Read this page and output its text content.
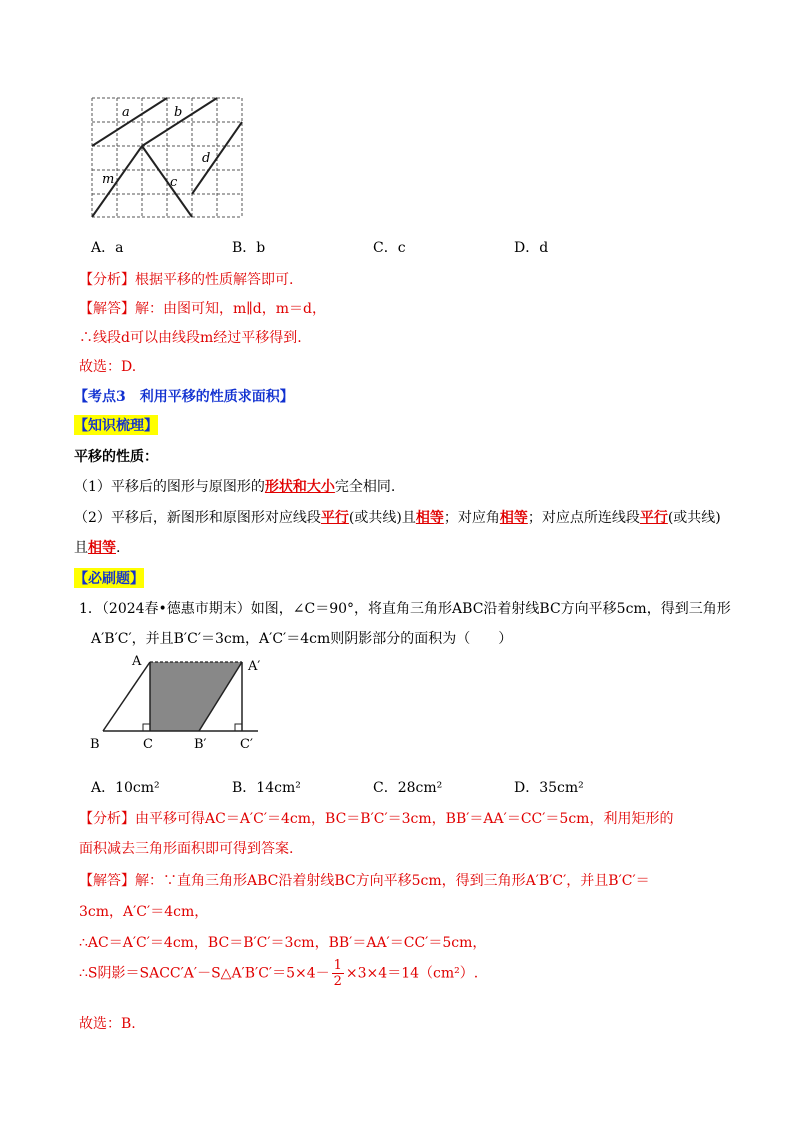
a	b
d
m	c
A．a	B．b	C．c	D．d
【分析】根据平移的性质解答即可.
【解答】解：由图可知，m∥d，m＝d，
∴线段d可以由线段m经过平移得到.
故选：D.
【考点3　利用平移的性质求面积】
【知识梳理】
平移的性质：
（1）平移后的图形与原图形的形状和大小完全相同.
（2）平移后，新图形和原图形对应线段平行(或共线)且相等；对应角相等；对应点所连线段平行(或共线)
且相等.
【必刷题】
1．（2024春•德惠市期末）如图，∠C＝90°，将直角三角形ABC沿着射线BC方向平移5cm，得到三角形
A′B′C′，并且B′C′＝3cm，A′C′＝4cm则阴影部分的面积为（　　）
A	A′
B	C	B′	C′
A．10cm²	B．14cm²	C．28cm²	D．35cm²
【分析】由平移可得AC＝A′C′＝4cm，BC＝B′C′＝3cm，BB′＝AA′＝CC′＝5cm，利用矩形的
面积减去三角形面积即可得到答案.
【解答】解：∵直角三角形ABC沿着射线BC方向平移5cm，得到三角形A′B′C′，并且B′C′＝
3cm，A′C′＝4cm，
∴AC＝A′C′＝4cm，BC＝B′C′＝3cm，BB′＝AA′＝CC′＝5cm，
∴S阴影＝SACC′A′－S△A′B′C′＝5×4－ $\frac{1}{2} \times 3\times 4=14(cm^2)$.
故选：B.
